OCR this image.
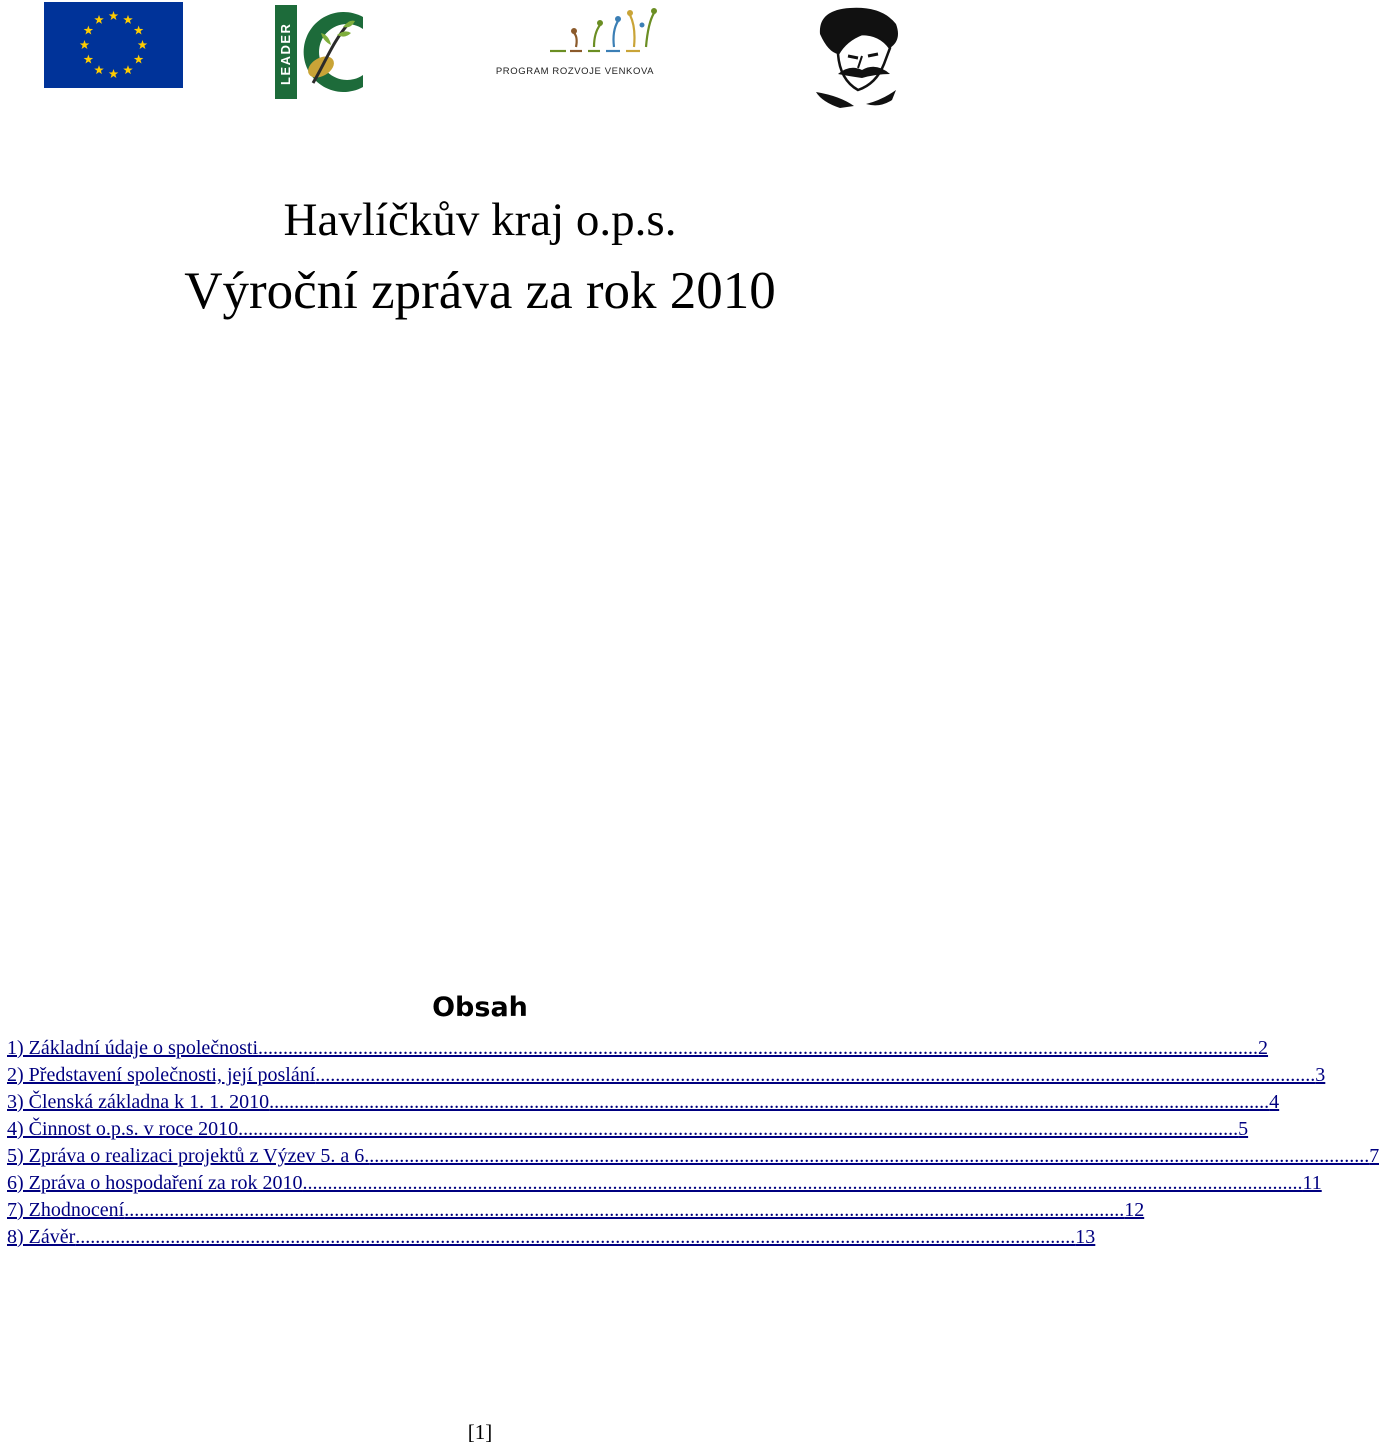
LEADER	PROGRAM ROZVOJE VENKOVA
Havlíčkův kraj o.p.s.
Výroční zpráva za rok 2010
Obsah
1) Základní údaje o společnosti ........................................................................................................................................................................................................ 2
2) Představení společnosti, její poslání ........................................................................................................................................................................................................ 3
3) Členská základna k 1. 1. 2010 ........................................................................................................................................................................................................ 4
4) Činnost o.p.s. v roce 2010 ........................................................................................................................................................................................................ 5
5) Zpráva o realizaci projektů z Výzev 5. a 6. ........................................................................................................................................................................................................ 7
6) Zpráva o hospodaření za rok 2010 ........................................................................................................................................................................................................ 11
7) Zhodnocení ........................................................................................................................................................................................................ 12
8) Závěr ........................................................................................................................................................................................................ 13
[1]
